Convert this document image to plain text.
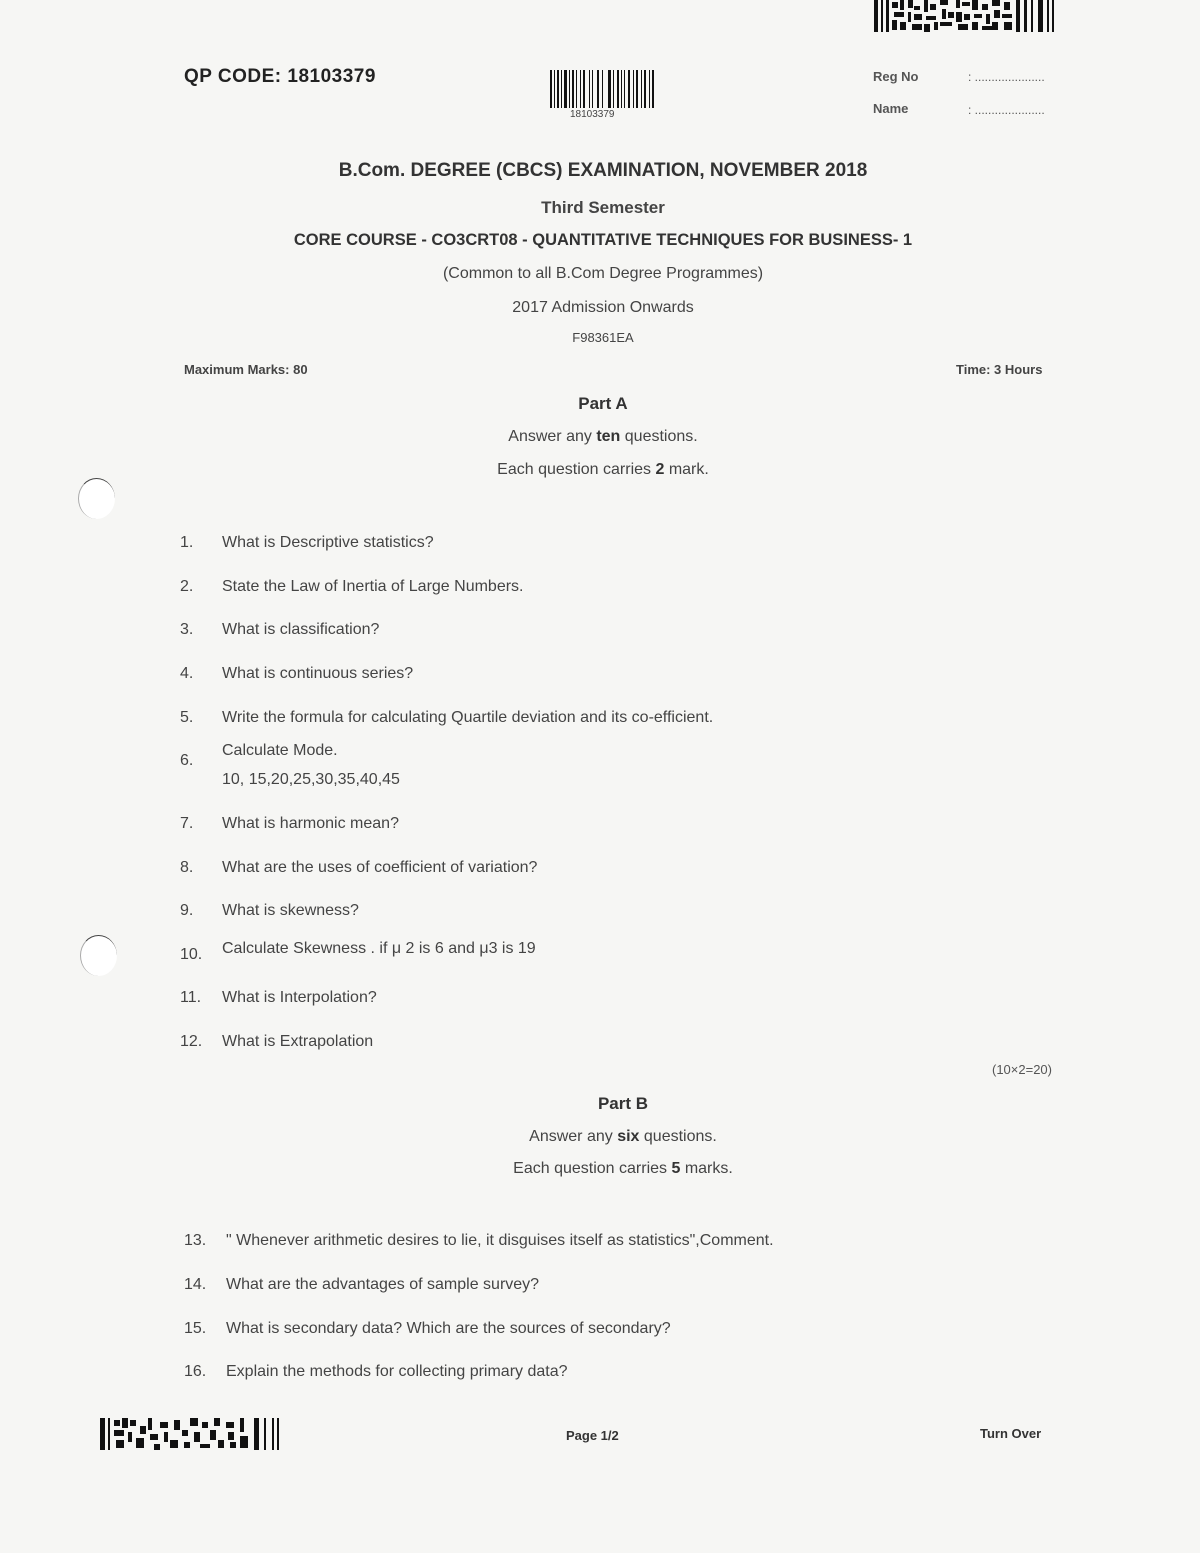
QP CODE: 18103379
18103379
Reg No	: .....................
Name	: .....................
B.Com. DEGREE (CBCS) EXAMINATION, NOVEMBER 2018
Third Semester
CORE COURSE - CO3CRT08 - QUANTITATIVE TECHNIQUES FOR BUSINESS- 1
(Common to all B.Com Degree Programmes)
2017 Admission Onwards
F98361EA
Maximum Marks: 80	Time: 3 Hours
Part A
Answer any ten questions.
Each question carries 2 mark.
1. What is Descriptive statistics?
2. State the Law of Inertia of Large Numbers.
3. What is classification?
4. What is continuous series?
5. Write the formula for calculating Quartile deviation and its co-efficient.
6.
Calculate Mode.
10, 15,20,25,30,35,40,45
7. What is harmonic mean?
8. What are the uses of coefficient of variation?
9. What is skewness?
10. Calculate Skewness . if μ 2 is 6 and μ3 is 19
11. What is Interpolation?
12. What is Extrapolation
(10×2=20)
Part B
Answer any six questions.
Each question carries 5 marks.
13. " Whenever arithmetic desires to lie, it disguises itself as statistics",Comment.
14. What are the advantages of sample survey?
15. What is secondary data? Which are the sources of secondary?
16. Explain the methods for collecting primary data?
Page 1/2	Turn Over
